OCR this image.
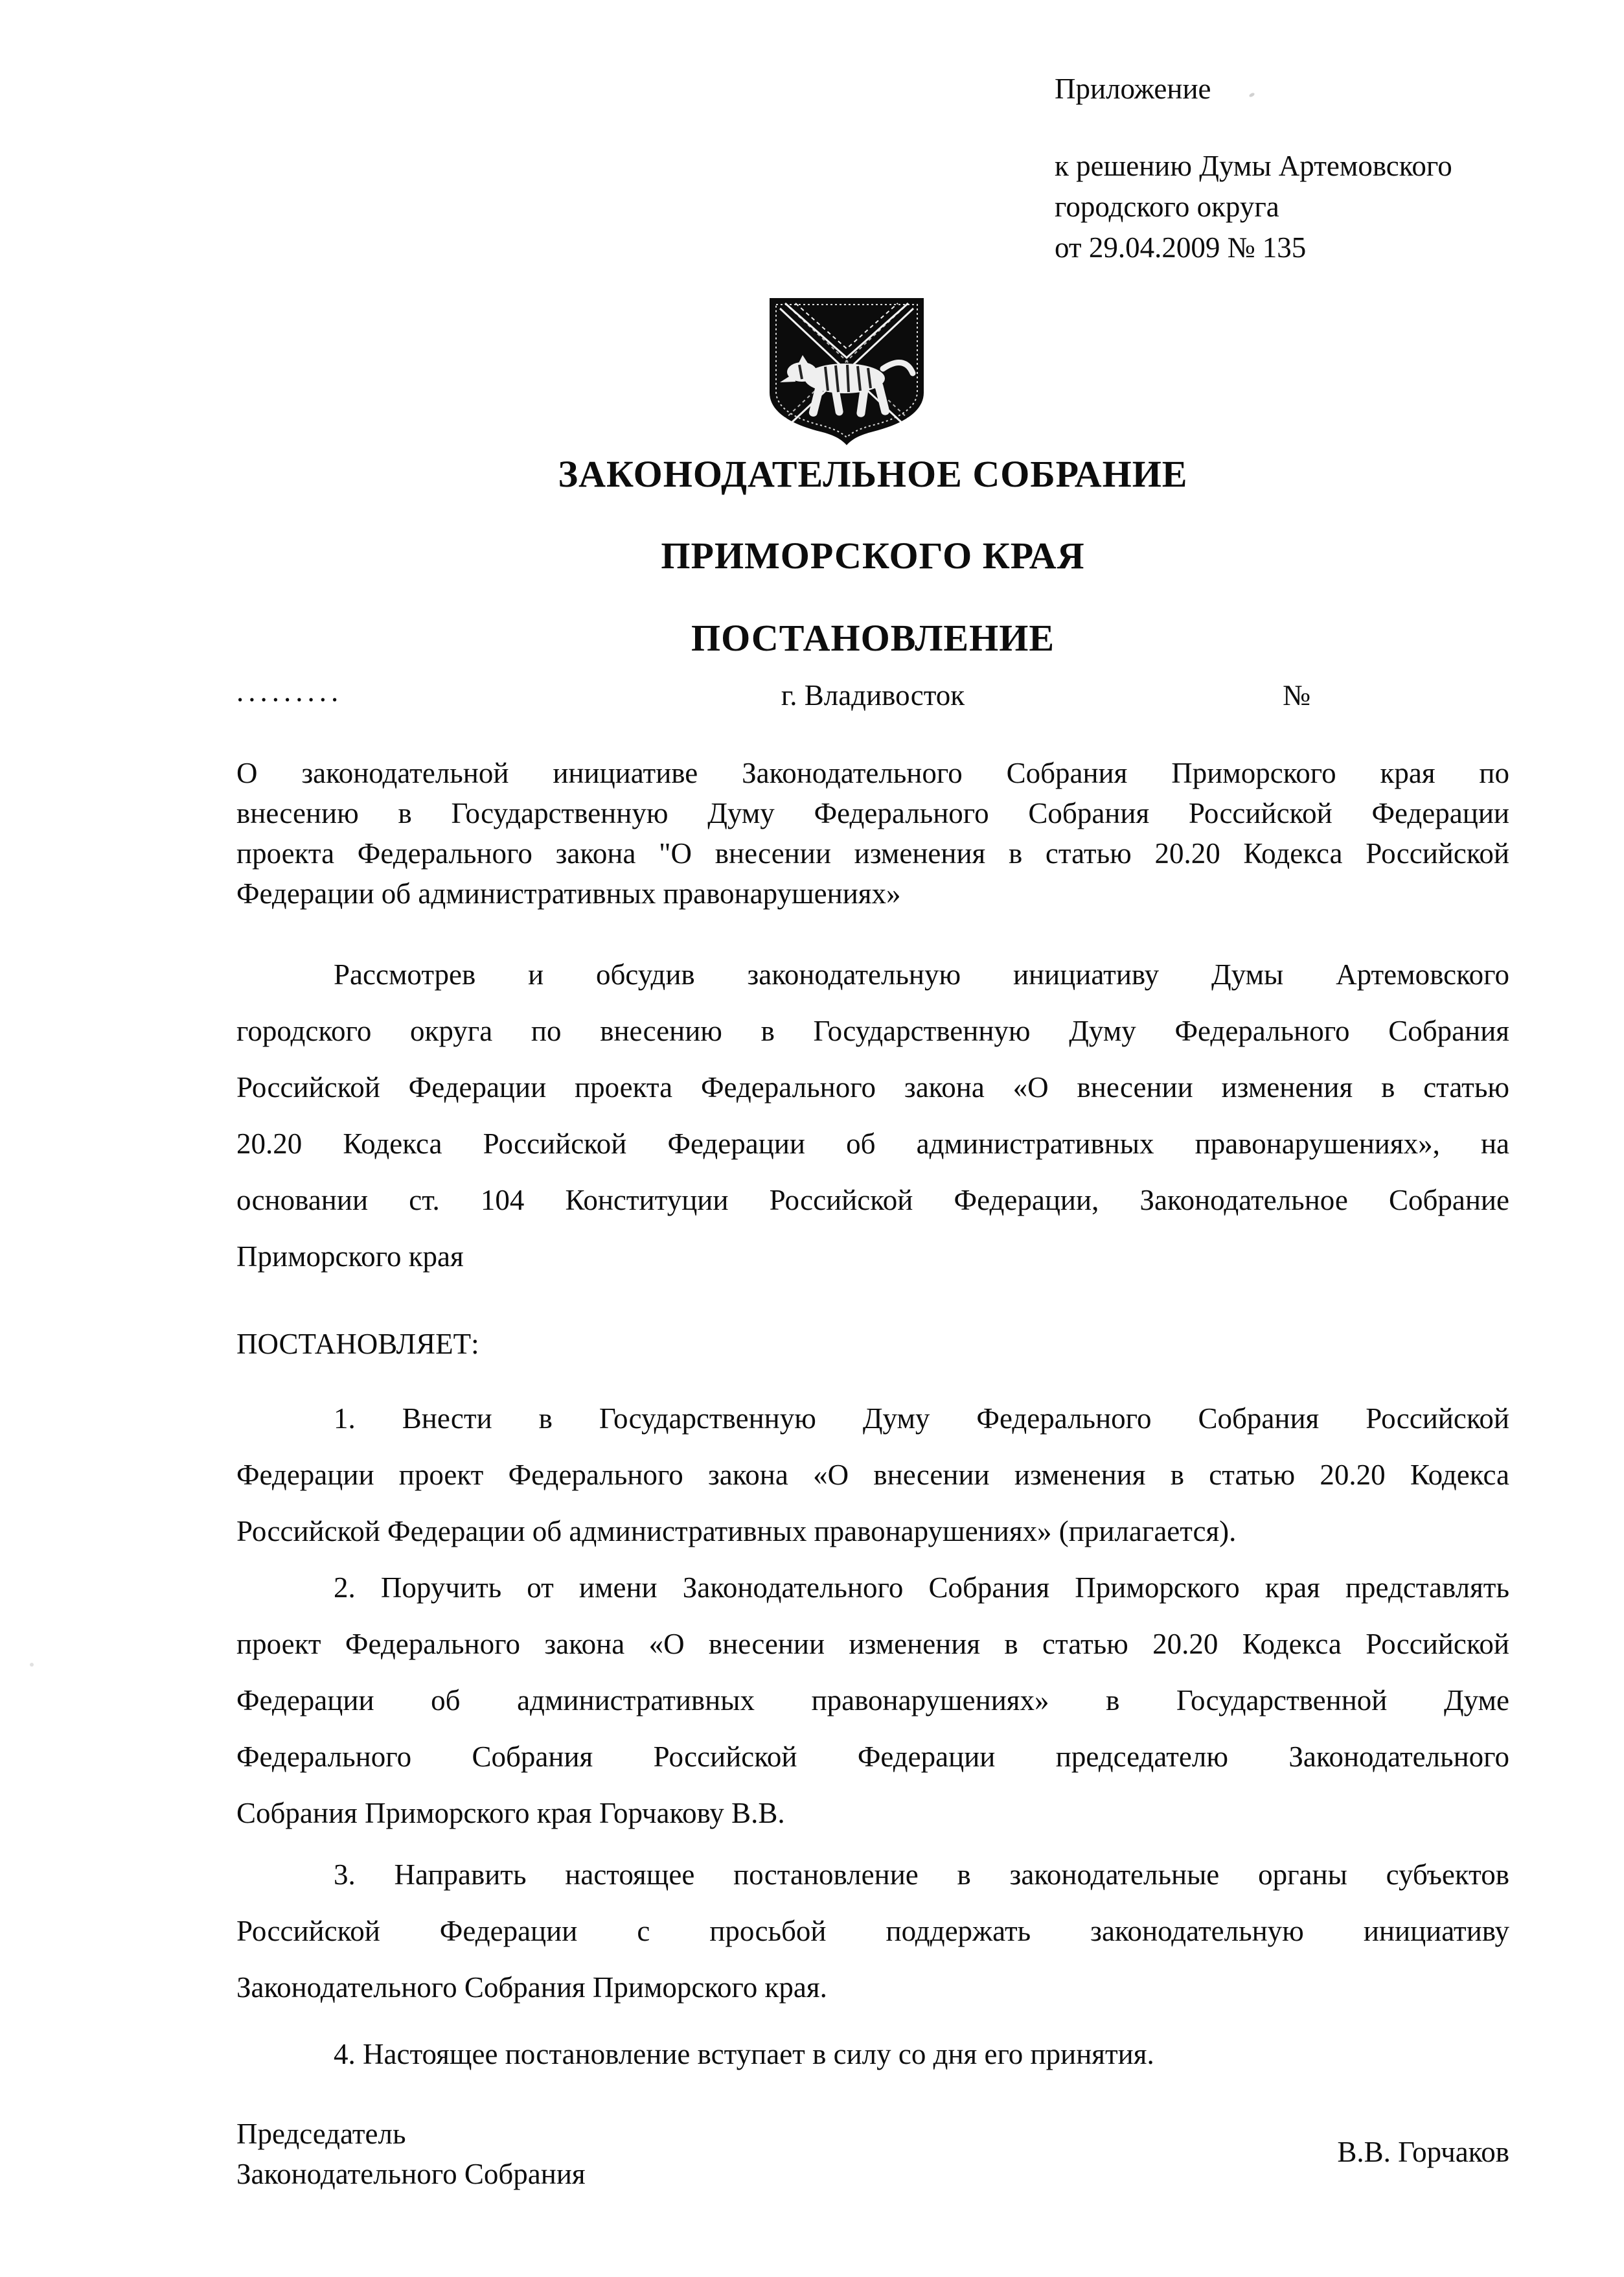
Приложение
к решению Думы Артемовского
городского округа
от 29.04.2009 № 135
ЗАКОНОДАТЕЛЬНОЕ СОБРАНИЕ
ПРИМОРСКОГО КРАЯ
ПОСТАНОВЛЕНИЕ
.........	г. Владивосток	№
О законодательной инициативе Законодательного Собрания Приморского края по
внесению в Государственную Думу Федерального Собрания Российской Федерации
проекта Федерального закона "О внесении изменения в статью 20.20 Кодекса Российской
Федерации об административных правонарушениях»
Рассмотрев и обсудив законодательную инициативу Думы Артемовского
городского округа по внесению в Государственную Думу Федерального Собрания
Российской Федерации проекта Федерального закона «О внесении изменения в статью
20.20 Кодекса Российской Федерации об административных правонарушениях», на
основании ст. 104 Конституции Российской Федерации, Законодательное Собрание
Приморского края
ПОСТАНОВЛЯЕТ:
1. Внести в Государственную Думу Федерального Собрания Российской
Федерации проект Федерального закона «О внесении изменения в статью 20.20 Кодекса
Российской Федерации об административных правонарушениях» (прилагается).
2. Поручить от имени Законодательного Собрания Приморского края представлять
проект Федерального закона «О внесении изменения в статью 20.20 Кодекса Российской
Федерации об административных правонарушениях» в Государственной Думе
Федерального Собрания Российской Федерации председателю Законодательного
Собрания Приморского края Горчакову В.В.
3. Направить настоящее постановление в законодательные органы субъектов
Российской Федерации с просьбой поддержать законодательную инициативу
Законодательного Собрания Приморского края.
4. Настоящее постановление вступает в силу со дня его принятия.
Председатель
Законодательного Собрания
В.В. Горчаков
